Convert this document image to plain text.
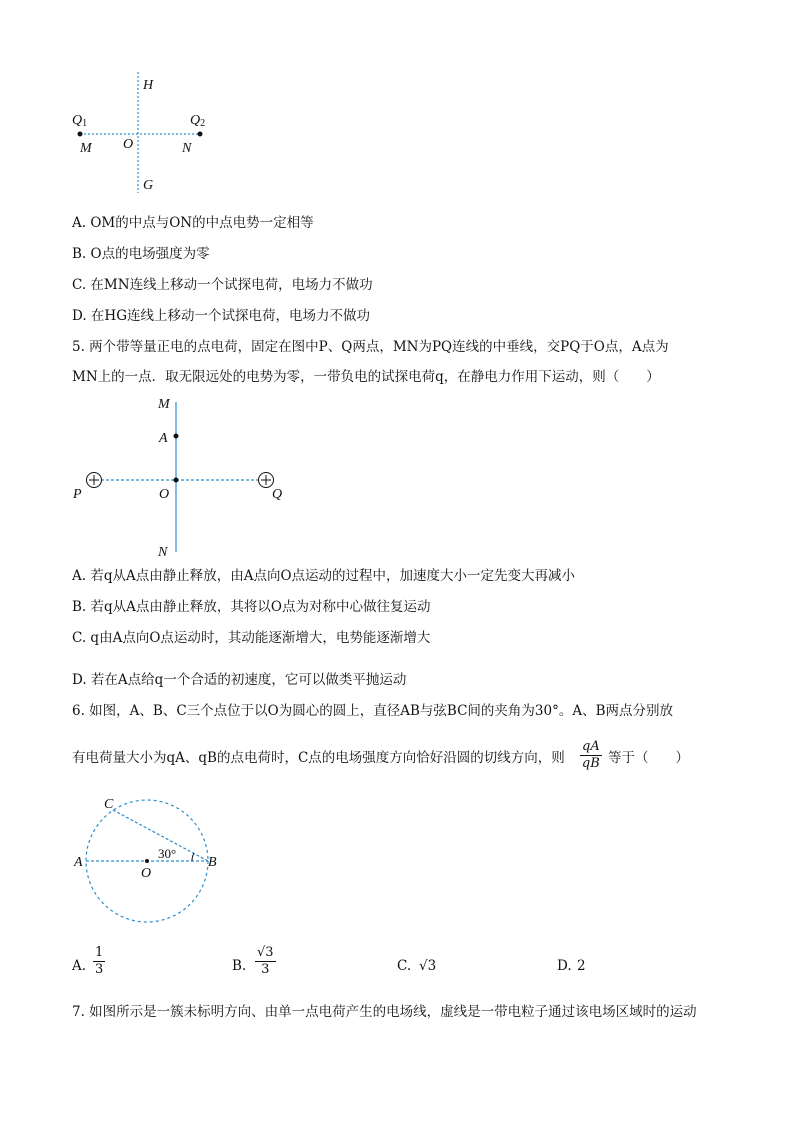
H
G
Q1	Q2
M O	N
A. OM的中点与ON的中点电势一定相等
B. O点的电场强度为零
C. 在MN连线上移动一个试探电荷，电场力不做功
D. 在HG连线上移动一个试探电荷，电场力不做功
5. 两个带等量正电的点电荷，固定在图中P、Q两点，MN为PQ连线的中垂线，交PQ于O点，A点为
MN上的一点．取无限远处的电势为零，一带负电的试探电荷q，在静电力作用下运动，则（　　）
M
A
P	O	Q
N
A. 若q从A点由静止释放，由A点向O点运动的过程中，加速度大小一定先变大再减小
B. 若q从A点由静止释放，其将以O点为对称中心做往复运动
C. q由A点向O点运动时，其动能逐渐增大，电势能逐渐增大
D. 若在A点给q一个合适的初速度，它可以做类平抛运动
6. 如图，A、B、C三个点位于以O为圆心的圆上，直径AB与弦BC间的夹角为30°。A、B两点分别放
有电荷量大小为qA、qB的点电荷时，C点的电场强度方向恰好沿圆的切线方向，则 $\frac{qA}{qB}$ 等于（　　）
C
A
O
B
30°
A. $\frac{1}{3}$	B. $\frac{√3}{3}$	C. √3	D. 2
7. 如图所示是一簇未标明方向、由单一点电荷产生的电场线，虚线是一带电粒子通过该电场区域时的运动
